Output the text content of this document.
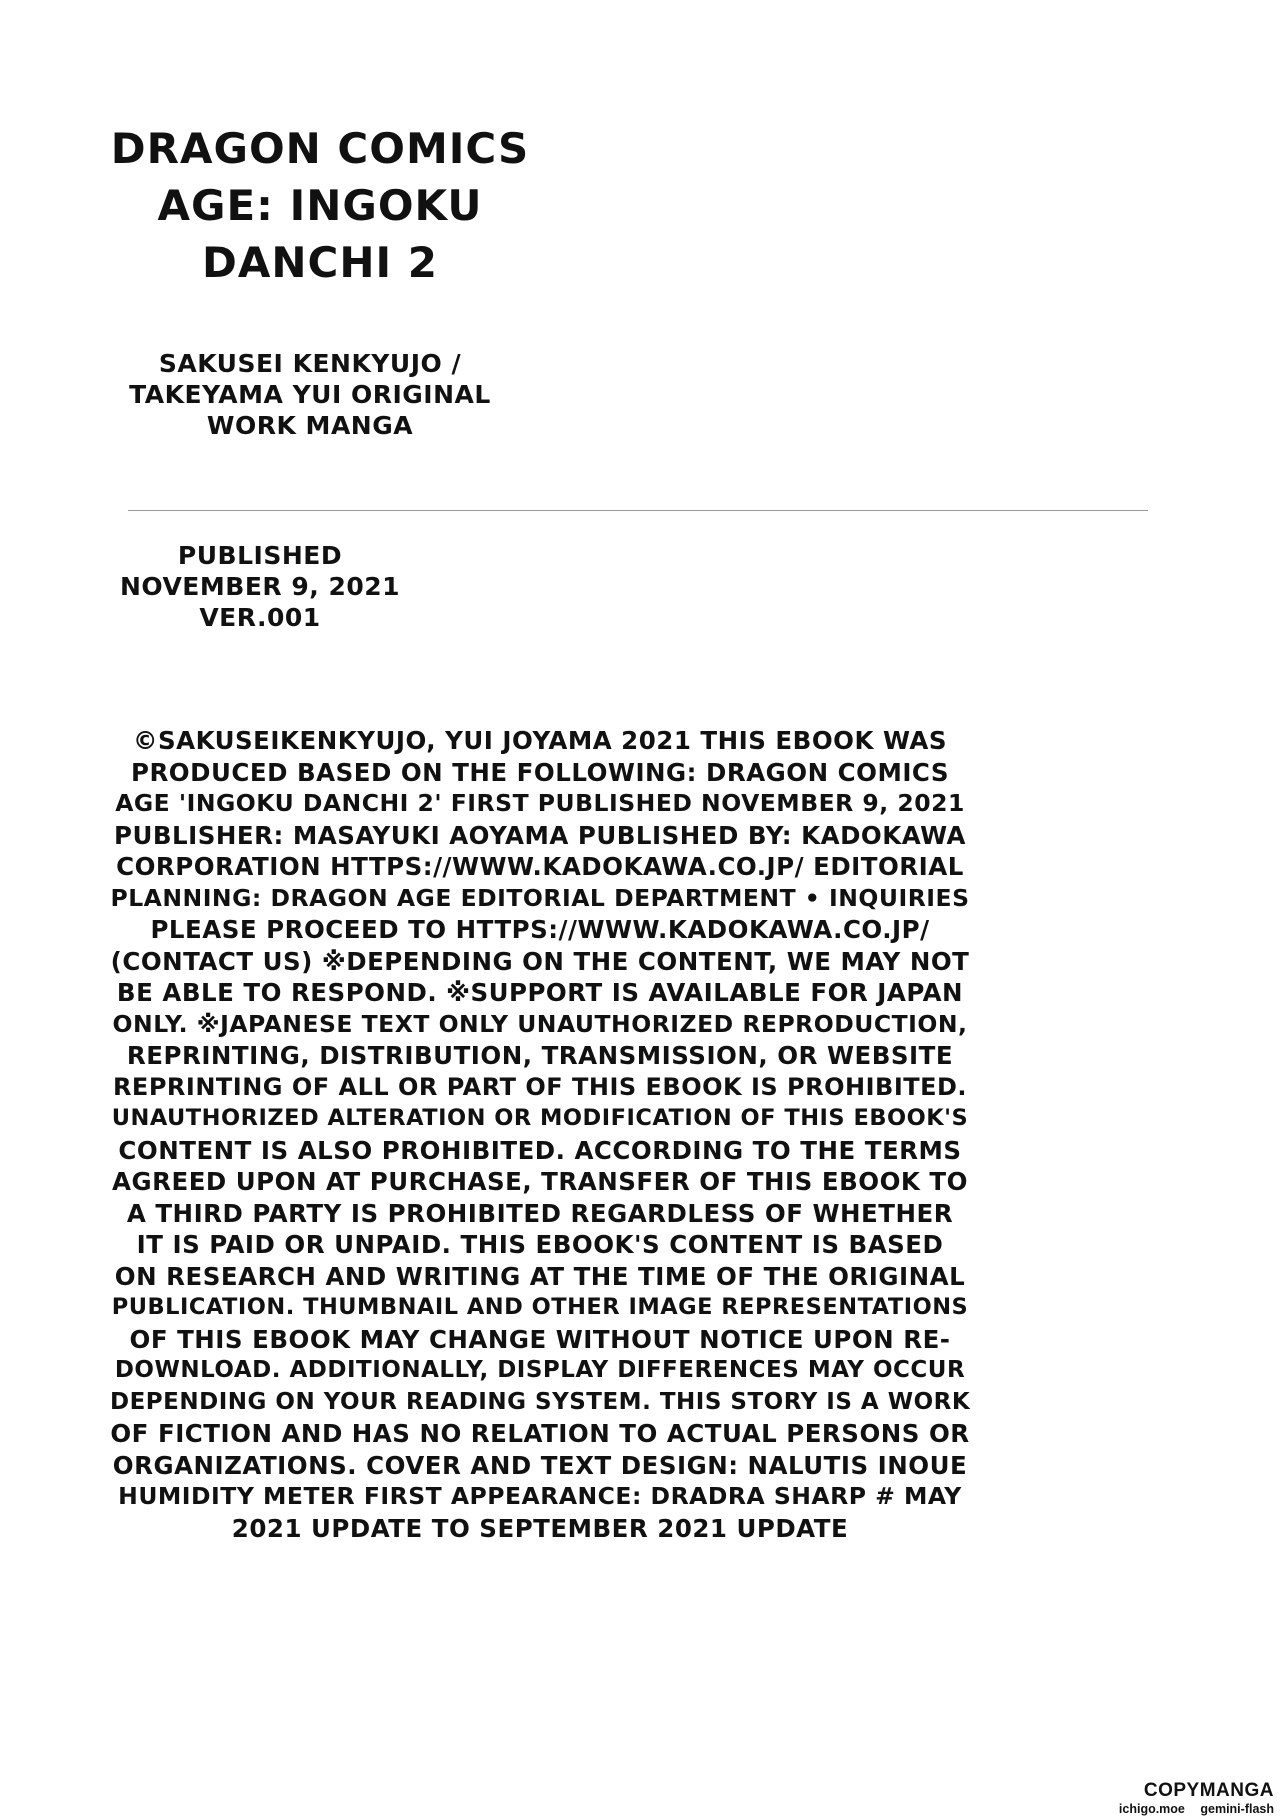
DRAGON COMICS
AGE: INGOKU
DANCHI 2
SAKUSEI KENKYUJO /
TAKEYAMA YUI ORIGINAL
WORK MANGA
PUBLISHED
NOVEMBER 9, 2021
VER.001

©SAKUSEIKENKYUJO, YUI JOYAMA 2021 THIS EBOOK WAS

PRODUCED BASED ON THE FOLLOWING: DRAGON COMICS

AGE 'INGOKU DANCHI 2' FIRST PUBLISHED NOVEMBER 9, 2021

PUBLISHER: MASAYUKI AOYAMA PUBLISHED BY: KADOKAWA

CORPORATION HTTPS://WWW.KADOKAWA.CO.JP/ EDITORIAL

PLANNING: DRAGON AGE EDITORIAL DEPARTMENT • INQUIRIES

PLEASE PROCEED TO HTTPS://WWW.KADOKAWA.CO.JP/

(CONTACT US) ※DEPENDING ON THE CONTENT, WE MAY NOT

BE ABLE TO RESPOND. ※SUPPORT IS AVAILABLE FOR JAPAN

ONLY. ※JAPANESE TEXT ONLY UNAUTHORIZED REPRODUCTION,

REPRINTING, DISTRIBUTION, TRANSMISSION, OR WEBSITE

REPRINTING OF ALL OR PART OF THIS EBOOK IS PROHIBITED.

UNAUTHORIZED ALTERATION OR MODIFICATION OF THIS EBOOK'S

CONTENT IS ALSO PROHIBITED. ACCORDING TO THE TERMS

AGREED UPON AT PURCHASE, TRANSFER OF THIS EBOOK TO

A THIRD PARTY IS PROHIBITED REGARDLESS OF WHETHER

IT IS PAID OR UNPAID. THIS EBOOK'S CONTENT IS BASED

ON RESEARCH AND WRITING AT THE TIME OF THE ORIGINAL

PUBLICATION. THUMBNAIL AND OTHER IMAGE REPRESENTATIONS

OF THIS EBOOK MAY CHANGE WITHOUT NOTICE UPON RE-

DOWNLOAD. ADDITIONALLY, DISPLAY DIFFERENCES MAY OCCUR

DEPENDING ON YOUR READING SYSTEM. THIS STORY IS A WORK

OF FICTION AND HAS NO RELATION TO ACTUAL PERSONS OR

ORGANIZATIONS. COVER AND TEXT DESIGN: NALUTIS INOUE

HUMIDITY METER FIRST APPEARANCE: DRADRA SHARP # MAY

2021 UPDATE TO SEPTEMBER 2021 UPDATE

COPYMANGA
ichigo.moe gemini-flash
